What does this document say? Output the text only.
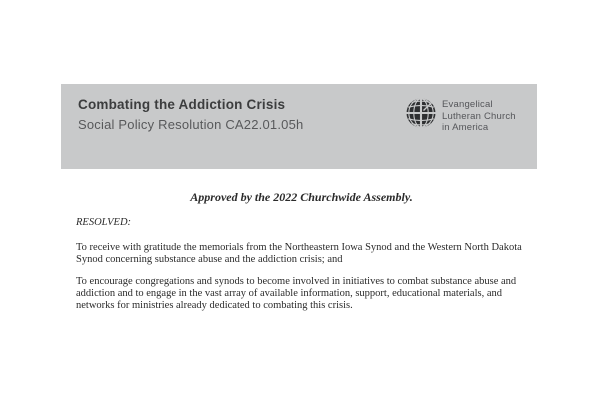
Combating the Addiction Crisis
Social Policy Resolution CA22.01.05h
Evangelical
Lutheran Church
in America
Approved by the 2022 Churchwide Assembly.
RESOLVED:
To receive with gratitude the memorials from the Northeastern Iowa Synod and the Western North Dakota
Synod concerning substance abuse and the addiction crisis; and
To encourage congregations and synods to become involved in initiatives to combat substance abuse and
addiction and to engage in the vast array of available information, support, educational materials, and
networks for ministries already dedicated to combating this crisis.
